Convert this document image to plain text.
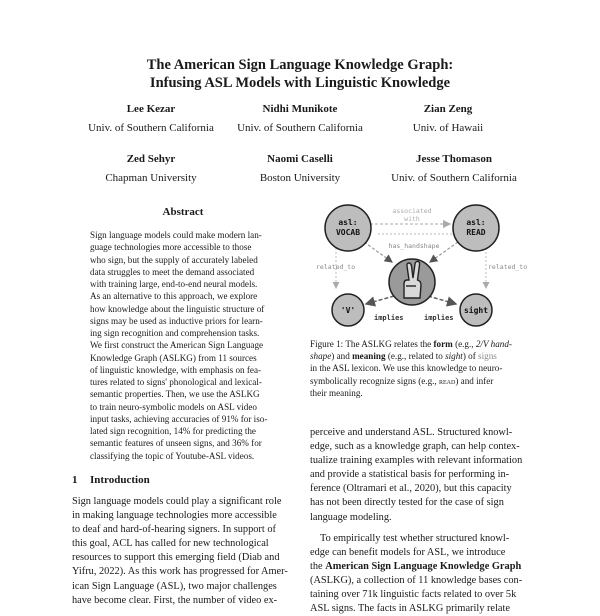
The American Sign Language Knowledge Graph:
Infusing ASL Models with Linguistic Knowledge
Lee Kezar
Univ. of Southern California
Nidhi Munikote
Univ. of Southern California
Zian Zeng
Univ. of Hawaii
Zed Sehyr
Chapman University
Naomi Caselli
Boston University
Jesse Thomason
Univ. of Southern California
Abstract
Sign language models could make modern lan-
guage technologies more accessible to those
who sign, but the supply of accurately labeled
data struggles to meet the demand associated
with training large, end-to-end neural models.
As an alternative to this approach, we explore
how knowledge about the linguistic structure of
signs may be used as inductive priors for learn-
ing sign recognition and comprehension tasks.
We first construct the American Sign Language
Knowledge Graph (ASLKG) from 11 sources
of linguistic knowledge, with emphasis on fea-
tures related to signs' phonological and lexical-
semantic properties. Then, we use the ASLKG
to train neuro-symbolic models on ASL video
input tasks, achieving accuracies of 91% for iso-
lated sign recognition, 14% for predicting the
semantic features of unseen signs, and 36% for
classifying the topic of Youtube-ASL videos.
1 Introduction
Sign language models could play a significant role
in making language technologies more accessible
to deaf and hard-of-hearing signers. In support of
this goal, ACL has called for new technological
resources to support this emerging field (Diab and
Yifru, 2022). As this work has progressed for Amer-
ican Sign Language (ASL), two major challenges
have become clear. First, the number of video ex-
asl:
VOCAB
asl:
READ
'V'	sight
associated
with
has_handshape
related_to	related_to
implies	implies
Figure 1: The ASLKG relates the form (e.g., 2/V hand-
shape) and meaning (e.g., related to sight) of signs
in the ASL lexicon. We use this knowledge to neuro-
symbolically recognize signs (e.g., read) and infer
their meaning.
perceive and understand ASL. Structured knowl-
edge, such as a knowledge graph, can help contex-
tualize training examples with relevant information
and provide a statistical basis for performing in-
ference (Oltramari et al., 2020), but this capacity
has not been directly tested for the case of sign
language modeling.
To empirically test whether structured knowl-
edge can benefit models for ASL, we introduce
the American Sign Language Knowledge Graph
(ASLKG), a collection of 11 knowledge bases con-
taining over 71k linguistic facts related to over 5k
ASL signs. The facts in ASLKG primarily relate
